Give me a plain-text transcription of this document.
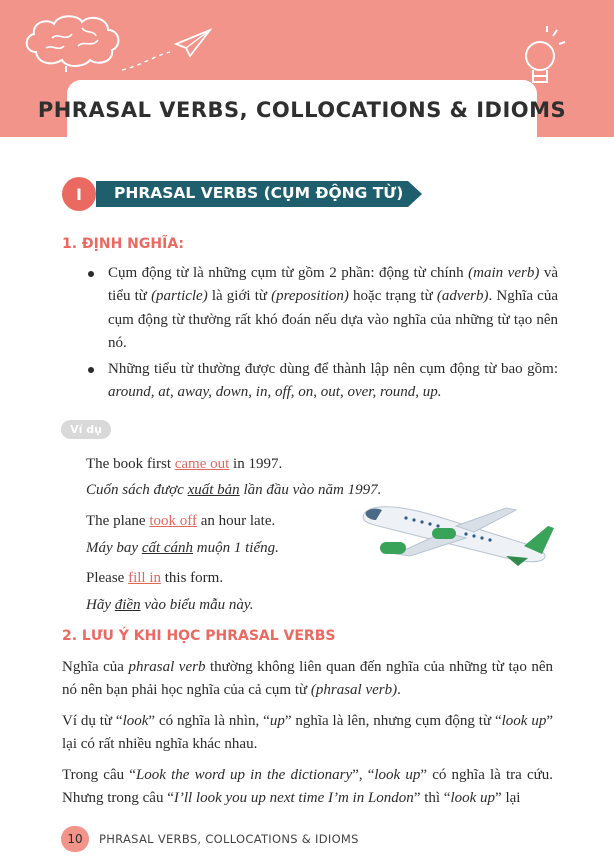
PHRASAL VERBS, COLLOCATIONS & IDIOMS
PHRASAL VERBS (CỤM ĐỘNG TỪ)
I
1. ĐỊNH NGHĨA:
Cụm động từ là những cụm từ gồm 2 phần: động từ chính (main verb) và tiểu từ (particle) là giới từ (preposition) hoặc trạng từ (adverb). Nghĩa của cụm động từ thường rất khó đoán nếu dựa vào nghĩa của những từ tạo nên nó.
Những tiểu từ thường được dùng để thành lập nên cụm động từ bao gồm: around, at, away, down, in, off, on, out, over, round, up.
Ví dụ
The book first came out in 1997.
Cuốn sách được xuất bản lần đầu vào năm 1997.
The plane took off an hour late.
Máy bay cất cánh muộn 1 tiếng.
Please fill in this form.
Hãy điền vào biểu mẫu này.
2. LƯU Ý KHI HỌC PHRASAL VERBS
Nghĩa của phrasal verb thường không liên quan đến nghĩa của những từ tạo nên nó nên bạn phải học nghĩa của cả cụm từ (phrasal verb).
Ví dụ từ “look” có nghĩa là nhìn, “up” nghĩa là lên, nhưng cụm động từ “look up” lại có rất nhiều nghĩa khác nhau.
Trong câu “Look the word up in the dictionary”, “look up” có nghĩa là tra cứu. Nhưng trong câu “I’ll look you up next time I’m in London” thì “look up” lại
10	PHRASAL VERBS, COLLOCATIONS & IDIOMS
